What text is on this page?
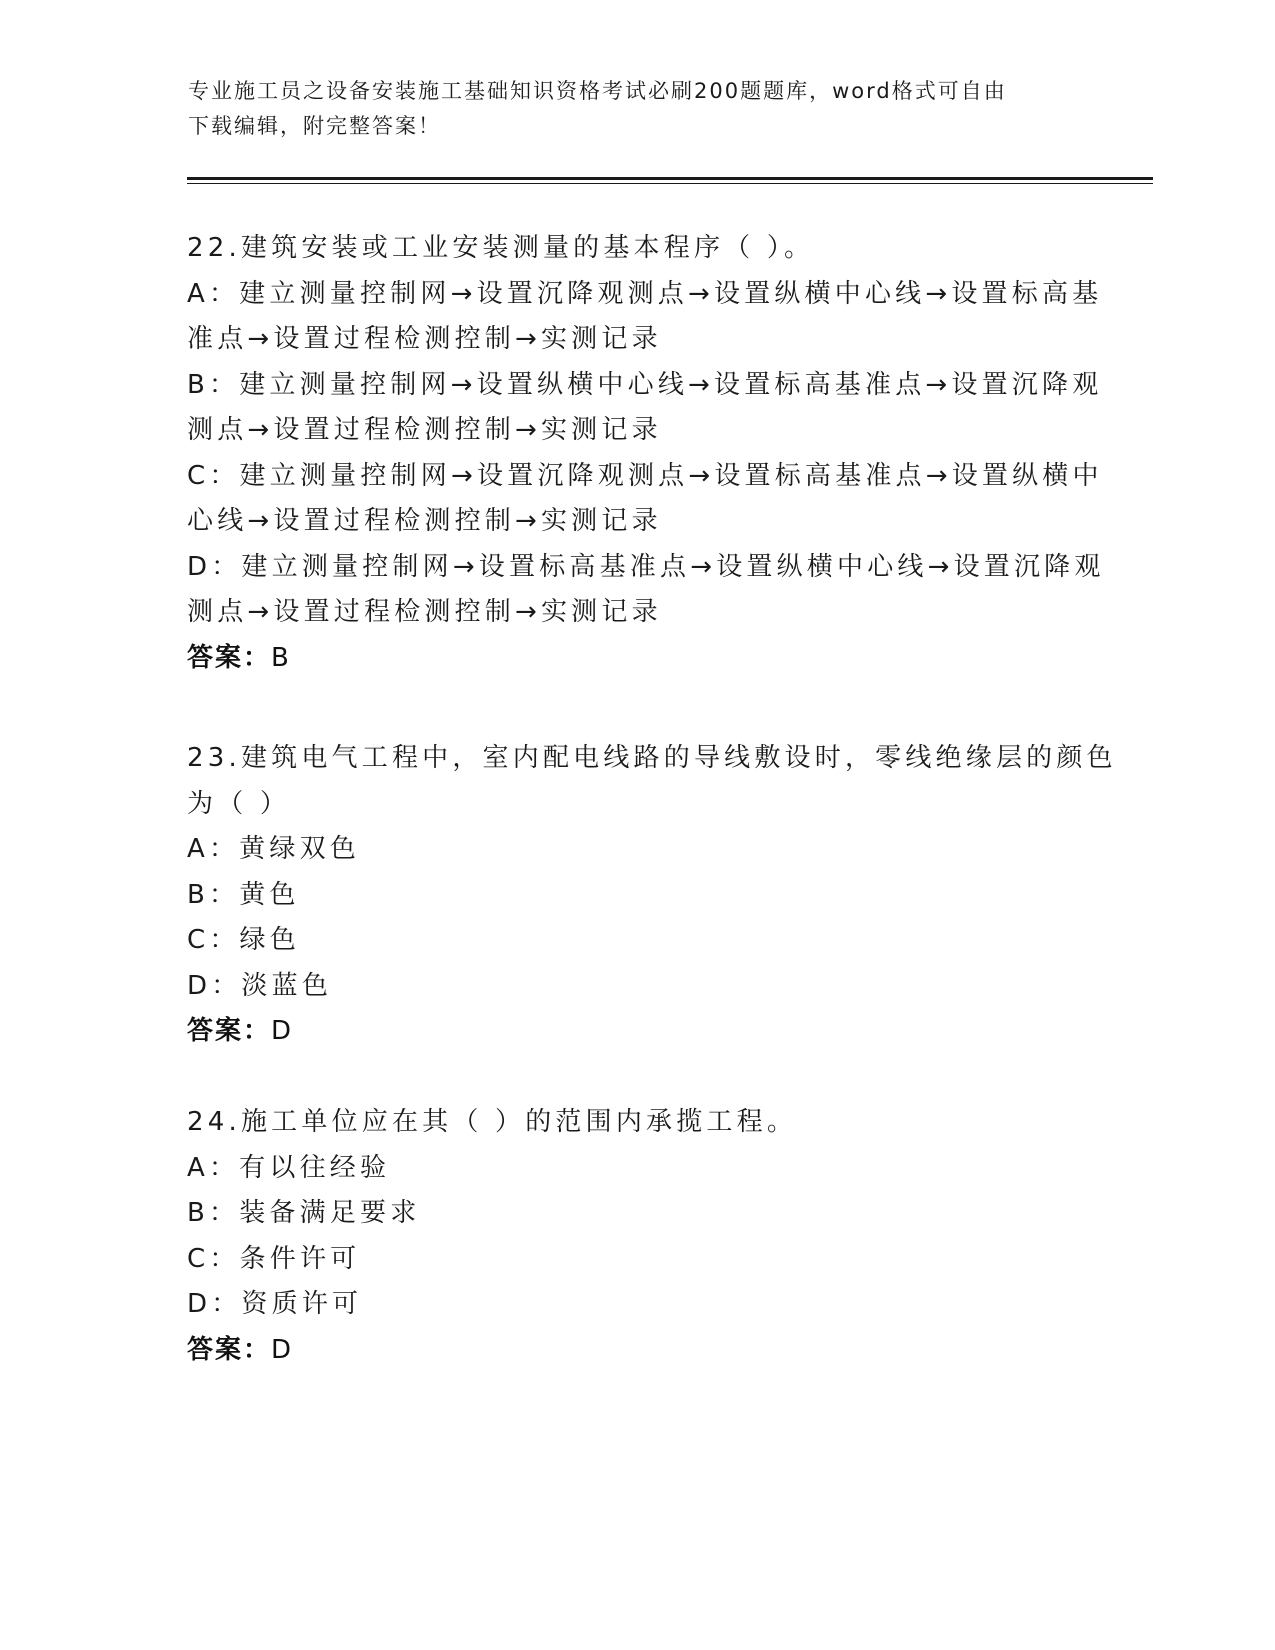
专业施工员之设备安装施工基础知识资格考试必刷200题题库，word格式可自由
下载编辑，附完整答案！

22.建筑安装或工业安装测量的基本程序（ ）。

A：建立测量控制网→设置沉降观测点→设置纵横中心线→设置标高基

准点→设置过程检测控制→实测记录

B：建立测量控制网→设置纵横中心线→设置标高基准点→设置沉降观

测点→设置过程检测控制→实测记录

C：建立测量控制网→设置沉降观测点→设置标高基准点→设置纵横中

心线→设置过程检测控制→实测记录

D：建立测量控制网→设置标高基准点→设置纵横中心线→设置沉降观

测点→设置过程检测控制→实测记录

答案：B

23.建筑电气工程中，室内配电线路的导线敷设时，零线绝缘层的颜色

为（ ）

A：黄绿双色

B：黄色

C：绿色

D：淡蓝色

答案：D

24.施工单位应在其（ ）的范围内承揽工程。

A：有以往经验

B：装备满足要求

C：条件许可

D：资质许可

答案：D
